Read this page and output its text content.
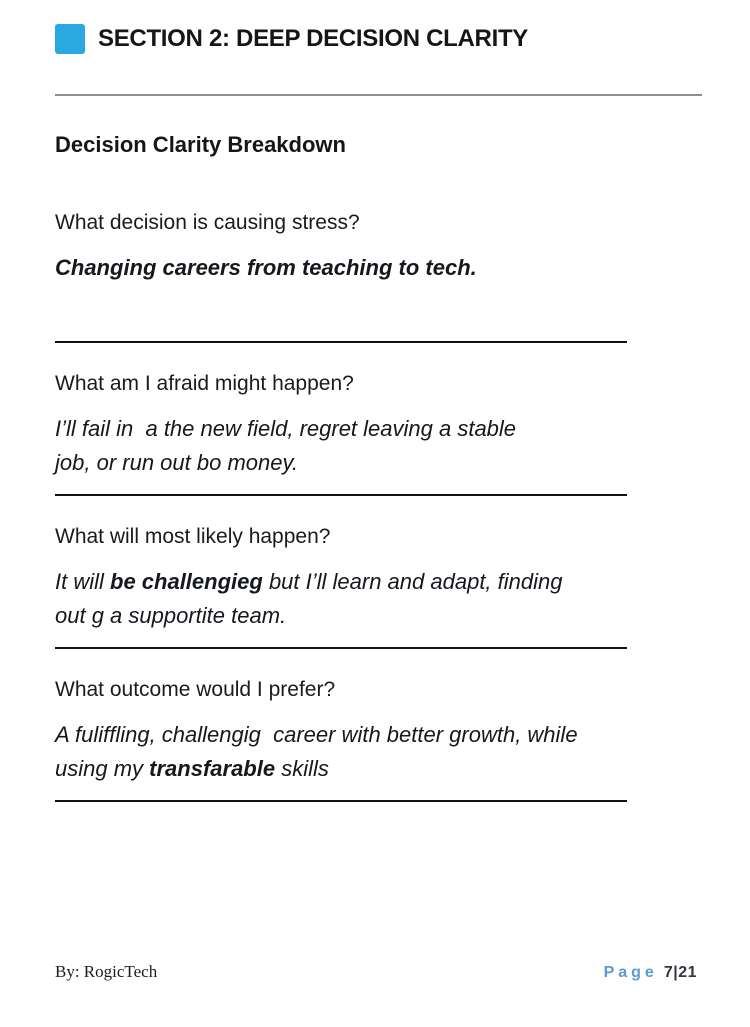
SECTION 2: DEEP DECISION CLARITY
Decision Clarity Breakdown

What decision is causing stress?

Changing careers from teaching to tech.

What am I afraid might happen?

I’ll fail in  a the new field, regret leaving a stable
job, or run out bo money.

What will most likely happen?

It will be challengieg but I’ll learn and adapt, finding
out g a supportite team.

What outcome would I prefer?

A fuliffling, challengig  career with better growth, while
using my transfarable skills

By: RogicTech	Page 7|21
